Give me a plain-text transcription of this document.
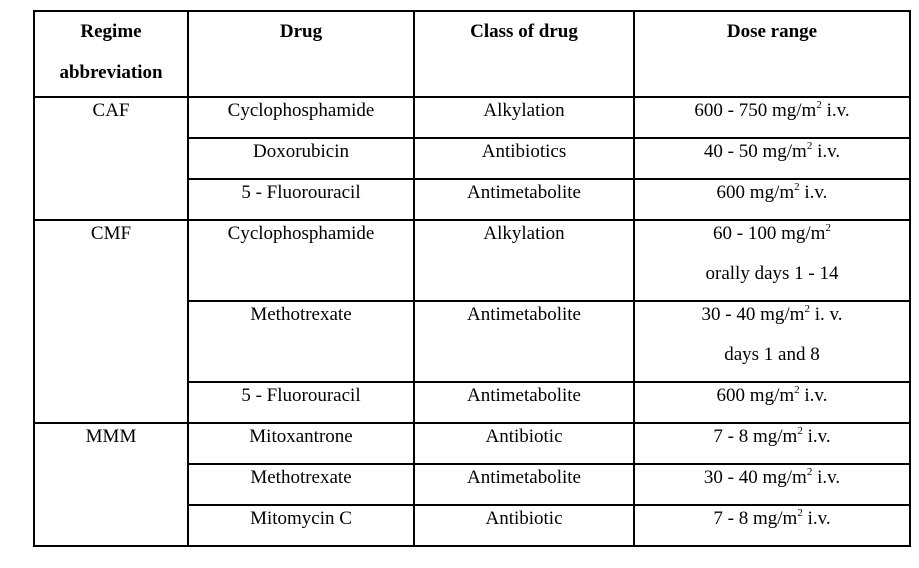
Regime
abbreviation	Drug	Class of drug	Dose range

CAF	Cyclophosphamide	Alkylation	600 - 750 $mg/m^2$ i.v.

	Doxorubicin	Antibiotics	40 - 50 $mg/m^2$ i.v.

	5 - Fluorouracil	Antimetabolite	600 $mg/m^2$ i.v.

CMF	Cyclophosphamide	Alkylation	60 - 100 $mg/m^2$
orally days 1 - 14

	Methotrexate	Antimetabolite	30 - 40 $mg/m^2$ i. v.
days 1 and 8

	5 - Fluorouracil	Antimetabolite	600 $mg/m^2$ i.v.

MMM	Mitoxantrone	Antibiotic	7 - 8 $mg/m^2$ i.v.

	Methotrexate	Antimetabolite	30 - 40 $mg/m^2$ i.v.

	Mitomycin C	Antibiotic	7 - 8 $mg/m^2$ i.v.
